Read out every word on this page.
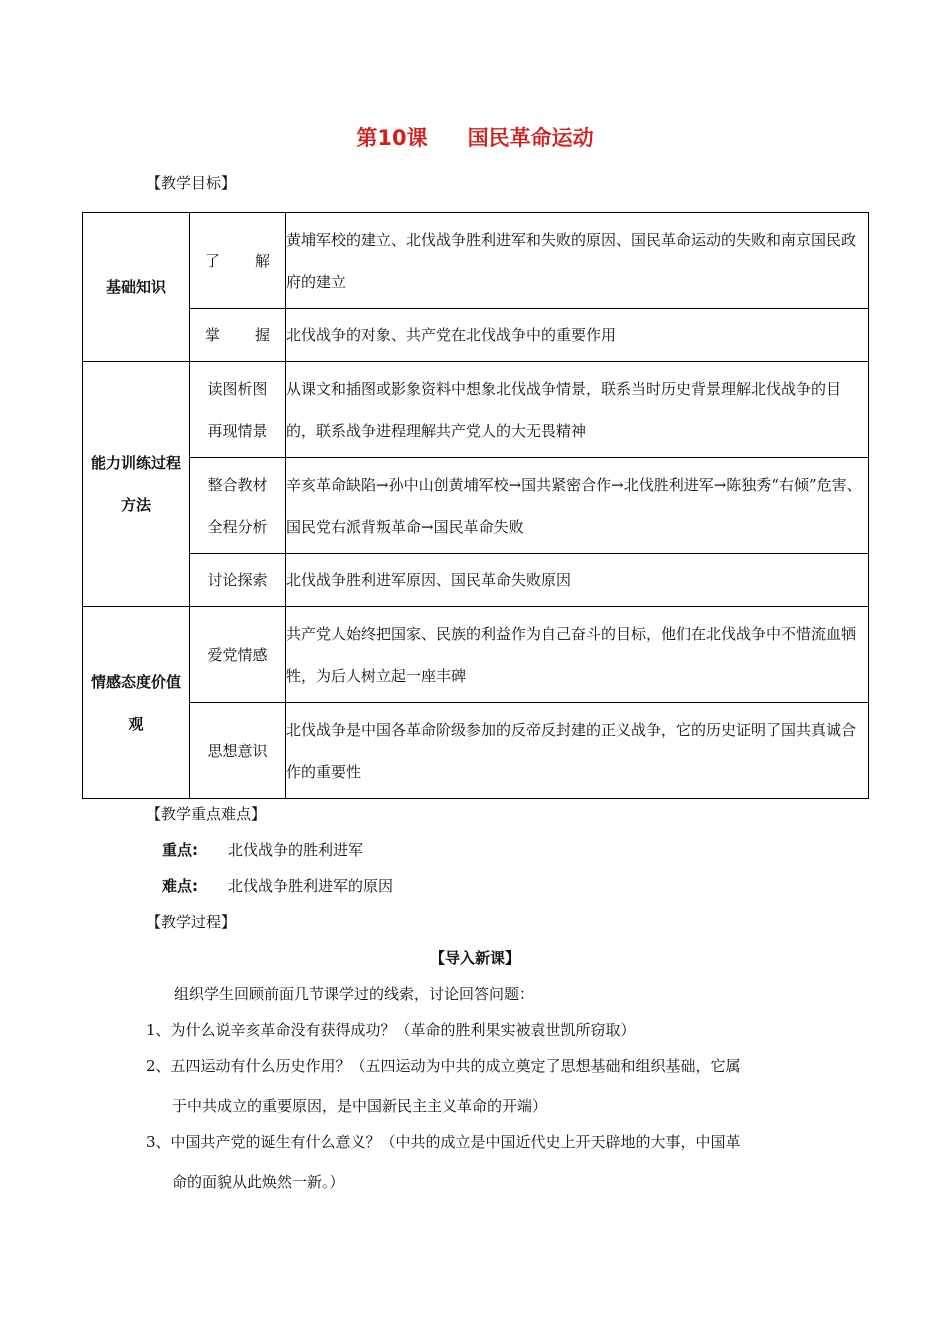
第10课 国民革命运动
【教学目标】
基础知识	了 解	黄埔军校的建立、北伐战争胜利进军和失败的原因、国民革命运动的失败和南京国民政府的建立

	掌 握	北伐战争的对象、共产党在北伐战争中的重要作用
能力训练过程方法	读图析图再现情景	从课文和插图或影象资料中想象北伐战争情景，联系当时历史背景理解北伐战争的目的，联系战争进程理解共产党人的大无畏精神
	整合教材全程分析	辛亥革命缺陷→孙中山创黄埔军校→国共紧密合作→北伐胜利进军→陈独秀“右倾”危害、国民党右派背叛革命→国民革命失败
	讨论探索	北伐战争胜利进军原因、国民革命失败原因
情感态度价值 观	爱党情感	共产党人始终把国家、民族的利益作为自己奋斗的目标，他们在北伐战争中不惜流血牺牲，为后人树立起一座丰碑
	思想意识	北伐战争是中国各革命阶级参加的反帝反封建的正义战争，它的历史证明了国共真诚合作的重要性
【教学重点难点】
重点: 北伐战争的胜利进军
难点: 北伐战争胜利进军的原因
【教学过程】
【导入新课】
组织学生回顾前面几节课学过的线索，讨论回答问题：
1、为什么说辛亥革命没有获得成功？（革命的胜利果实被袁世凯所窃取）
2、五四运动有什么历史作用？（五四运动为中共的成立奠定了思想基础和组织基础，它属
于中共成立的重要原因，是中国新民主主义革命的开端）
3、中国共产党的诞生有什么意义？（中共的成立是中国近代史上开天辟地的大事，中国革
命的面貌从此焕然一新。）
